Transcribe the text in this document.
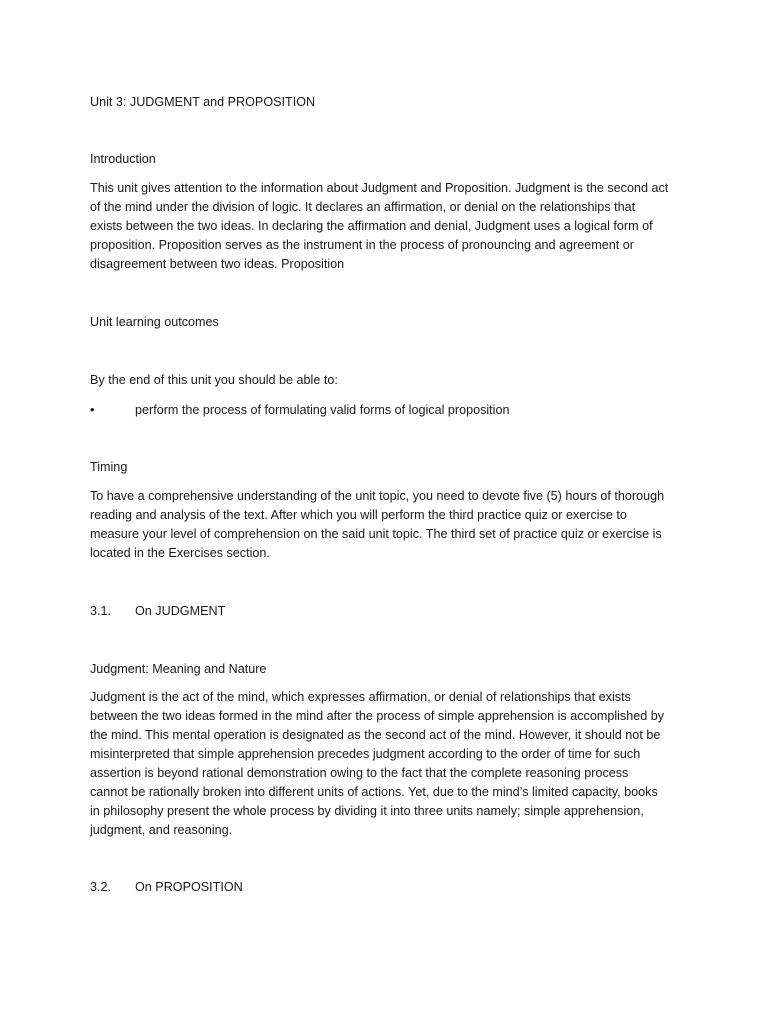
Unit 3: JUDGMENT and PROPOSITION

Introduction

This unit gives attention to the information about Judgment and Proposition. Judgment is the second act
of the mind under the division of logic. It declares an affirmation, or denial on the relationships that
exists between the two ideas. In declaring the affirmation and denial, Judgment uses a logical form of
proposition. Proposition serves as the instrument in the process of pronouncing and agreement or
disagreement between two ideas. Proposition

Unit learning outcomes

By the end of this unit you should be able to:

•	perform the process of formulating valid forms of logical proposition

Timing

To have a comprehensive understanding of the unit topic, you need to devote five (5) hours of thorough
reading and analysis of the text. After which you will perform the third practice quiz or exercise to
measure your level of comprehension on the said unit topic. The third set of practice quiz or exercise is
located in the Exercises section.
3.1. On JUDGMENT

Judgment: Meaning and Nature

Judgment is the act of the mind, which expresses affirmation, or denial of relationships that exists
between the two ideas formed in the mind after the process of simple apprehension is accomplished by
the mind. This mental operation is designated as the second act of the mind. However, it should not be
misinterpreted that simple apprehension precedes judgment according to the order of time for such
assertion is beyond rational demonstration owing to the fact that the complete reasoning process
cannot be rationally broken into different units of actions. Yet, due to the mind’s limited capacity, books
in philosophy present the whole process by dividing it into three units namely; simple apprehension,
judgment, and reasoning.
3.2. On PROPOSITION
